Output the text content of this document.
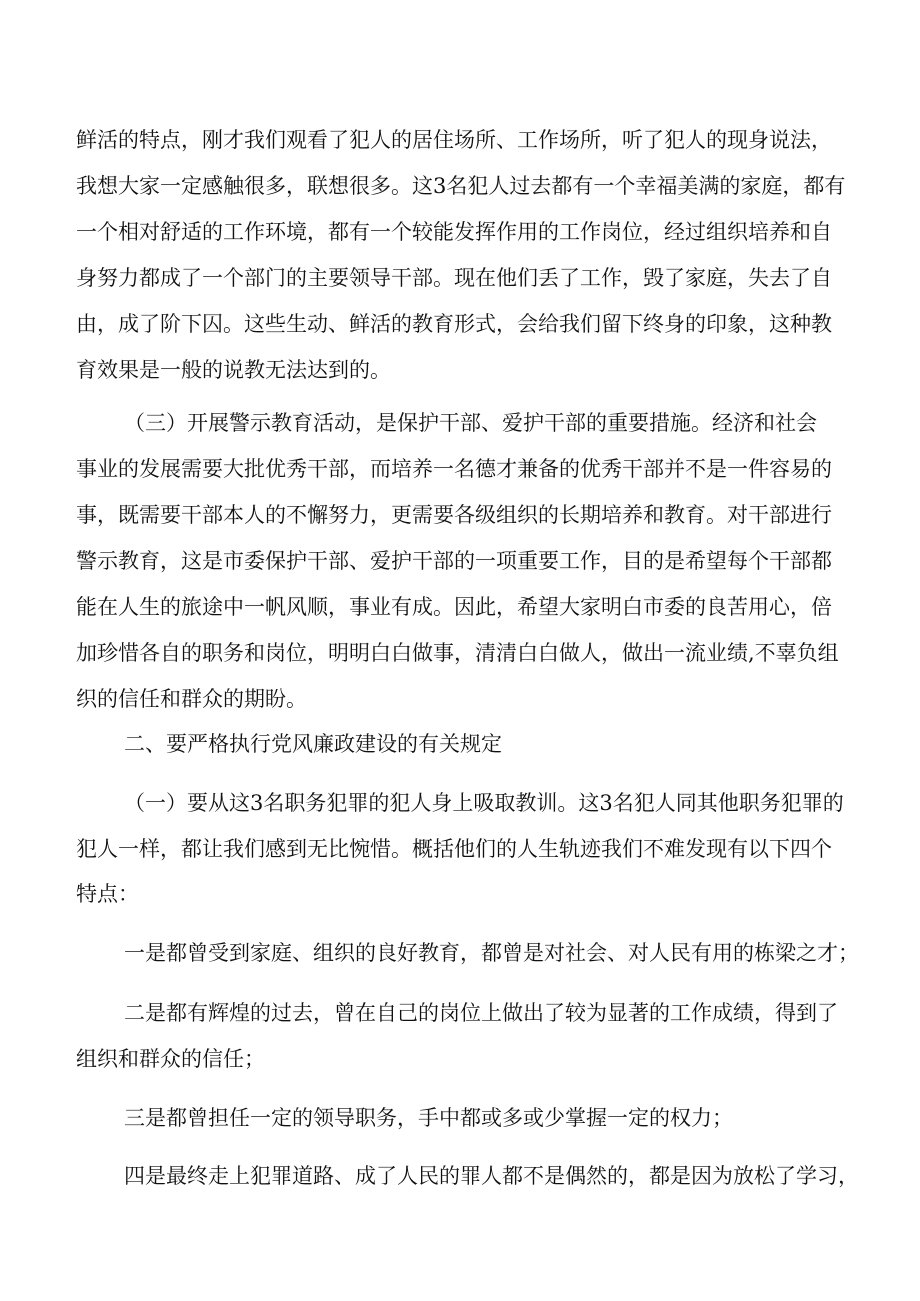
鲜活的特点，刚才我们观看了犯人的居住场所、工作场所，听了犯人的现身说法，
我想大家一定感触很多，联想很多。这3名犯人过去都有一个幸福美满的家庭，都有
一个相对舒适的工作环境，都有一个较能发挥作用的工作岗位，经过组织培养和自
身努力都成了一个部门的主要领导干部。现在他们丢了工作，毁了家庭，失去了自
由，成了阶下囚。这些生动、鲜活的教育形式，会给我们留下终身的印象，这种教
育效果是一般的说教无法达到的。
（三）开展警示教育活动，是保护干部、爱护干部的重要措施。经济和社会
事业的发展需要大批优秀干部，而培养一名德才兼备的优秀干部并不是一件容易的
事，既需要干部本人的不懈努力，更需要各级组织的长期培养和教育。对干部进行
警示教育，这是市委保护干部、爱护干部的一项重要工作，目的是希望每个干部都
能在人生的旅途中一帆风顺，事业有成。因此，希望大家明白市委的良苦用心，倍
加珍惜各自的职务和岗位，明明白白做事，清清白白做人，做出一流业绩,不辜负组
织的信任和群众的期盼。
二、要严格执行党风廉政建设的有关规定
（一）要从这3名职务犯罪的犯人身上吸取教训。这3名犯人同其他职务犯罪的
犯人一样，都让我们感到无比惋惜。概括他们的人生轨迹我们不难发现有以下四个
特点：
一是都曾受到家庭、组织的良好教育，都曾是对社会、对人民有用的栋梁之才；
二是都有辉煌的过去，曾在自己的岗位上做出了较为显著的工作成绩，得到了
组织和群众的信任；
三是都曾担任一定的领导职务，手中都或多或少掌握一定的权力；
四是最终走上犯罪道路、成了人民的罪人都不是偶然的，都是因为放松了学习，
